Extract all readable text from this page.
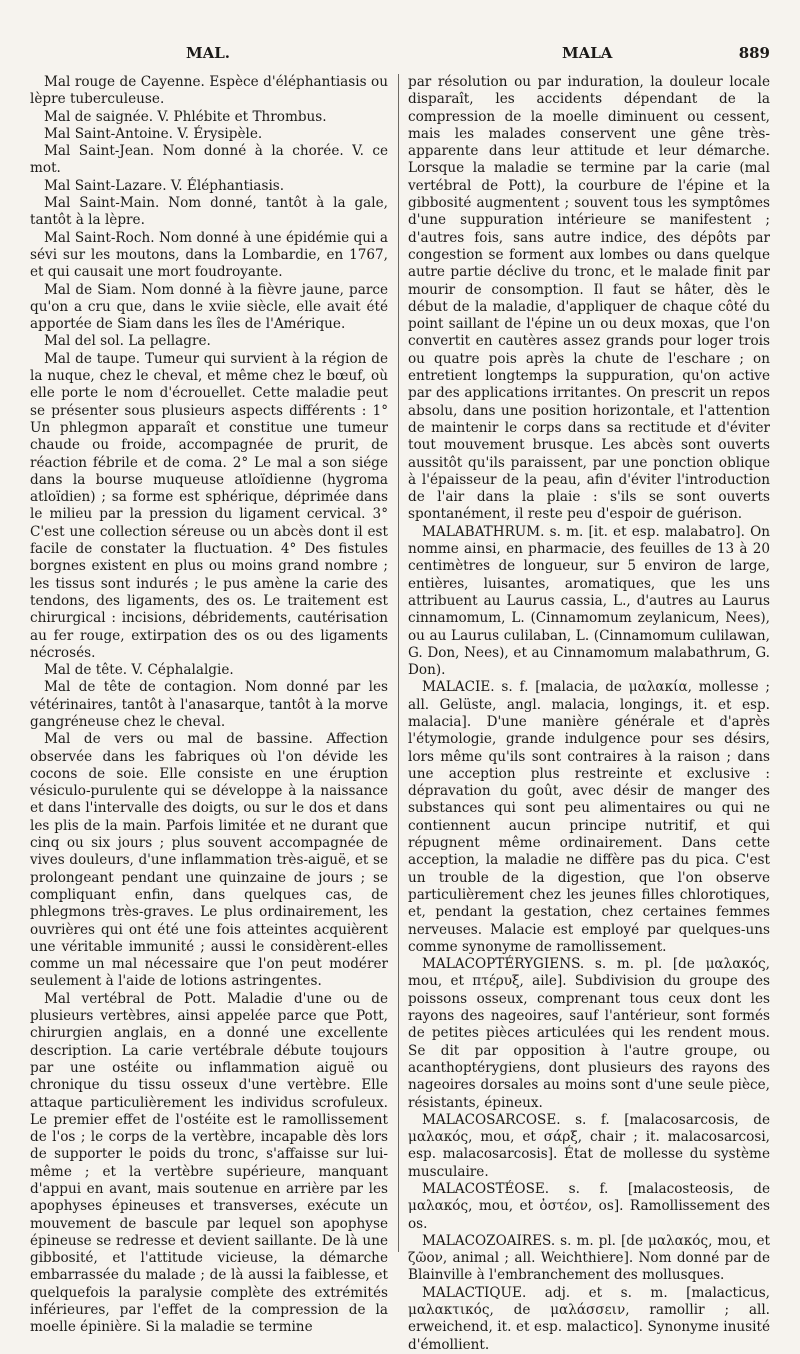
MAL.	MALA	889

Mal rouge de Cayenne. Espèce d'éléphantiasis ou lèpre tuberculeuse.

Mal de saignée. V. Phlébite et Thrombus.

Mal Saint-Antoine. V. Érysipèle.

Mal Saint-Jean. Nom donné à la chorée. V. ce mot.

Mal Saint-Lazare. V. Éléphantiasis.

Mal Saint-Main. Nom donné, tantôt à la gale, tantôt à la lèpre.

Mal Saint-Roch. Nom donné à une épidémie qui a sévi sur les moutons, dans la Lombardie, en 1767, et qui causait une mort foudroyante.

Mal de Siam. Nom donné à la fièvre jaune, parce qu'on a cru que, dans le xviie siècle, elle avait été apportée de Siam dans les îles de l'Amérique.

Mal del sol. La pellagre.

Mal de taupe. Tumeur qui survient à la région de la nuque, chez le cheval, et même chez le bœuf, où elle porte le nom d'écrouellet. Cette maladie peut se présenter sous plusieurs aspects différents : 1° Un phlegmon apparaît et constitue une tumeur chaude ou froide, accompagnée de prurit, de réaction fébrile et de coma. 2° Le mal a son siége dans la bourse muqueuse atloïdienne (hygroma atloïdien) ; sa forme est sphérique, déprimée dans le milieu par la pression du ligament cervical. 3° C'est une collection séreuse ou un abcès dont il est facile de constater la fluctuation. 4° Des fistules borgnes existent en plus ou moins grand nombre ; les tissus sont indurés ; le pus amène la carie des tendons, des ligaments, des os. Le traitement est chirurgical : incisions, débridements, cautérisation au fer rouge, extirpation des os ou des ligaments nécrosés.

Mal de tête. V. Céphalalgie.

Mal de tête de contagion. Nom donné par les vétérinaires, tantôt à l'anasarque, tantôt à la morve gangréneuse chez le cheval.

Mal de vers ou mal de bassine. Affection observée dans les fabriques où l'on dévide les cocons de soie. Elle consiste en une éruption vésiculo-purulente qui se développe à la naissance et dans l'intervalle des doigts, ou sur le dos et dans les plis de la main. Parfois limitée et ne durant que cinq ou six jours ; plus souvent accompagnée de vives douleurs, d'une inflammation très-aiguë, et se prolongeant pendant une quinzaine de jours ; se compliquant enfin, dans quelques cas, de phlegmons très-graves. Le plus ordinairement, les ouvrières qui ont été une fois atteintes acquièrent une véritable immunité ; aussi le considèrent-elles comme un mal nécessaire que l'on peut modérer seulement à l'aide de lotions astringentes.

Mal vertébral de Pott. Maladie d'une ou de plusieurs vertèbres, ainsi appelée parce que Pott, chirurgien anglais, en a donné une excellente description. La carie vertébrale débute toujours par une ostéite ou inflammation aiguë ou chronique du tissu osseux d'une vertèbre. Elle attaque particulièrement les individus scrofuleux. Le premier effet de l'ostéite est le ramollissement de l'os ; le corps de la vertèbre, incapable dès lors de supporter le poids du tronc, s'affaisse sur lui-même ; et la vertèbre supérieure, manquant d'appui en avant, mais soutenue en arrière par les apophyses épineuses et transverses, exécute un mouvement de bascule par lequel son apophyse épineuse se redresse et devient saillante. De là une gibbosité, et l'attitude vicieuse, la démarche embarrassée du malade ; de là aussi la faiblesse, et quelquefois la paralysie complète des extrémités inférieures, par l'effet de la compression de la moelle épinière. Si la maladie se termine

par résolution ou par induration, la douleur locale disparaît, les accidents dépendant de la compression de la moelle diminuent ou cessent, mais les malades conservent une gêne très-apparente dans leur attitude et leur démarche. Lorsque la maladie se termine par la carie (mal vertébral de Pott), la courbure de l'épine et la gibbosité augmentent ; souvent tous les symptômes d'une suppuration intérieure se manifestent ; d'autres fois, sans autre indice, des dépôts par congestion se forment aux lombes ou dans quelque autre partie déclive du tronc, et le malade finit par mourir de consomption. Il faut se hâter, dès le début de la maladie, d'appliquer de chaque côté du point saillant de l'épine un ou deux moxas, que l'on convertit en cautères assez grands pour loger trois ou quatre pois après la chute de l'eschare ; on entretient longtemps la suppuration, qu'on active par des applications irritantes. On prescrit un repos absolu, dans une position horizontale, et l'attention de maintenir le corps dans sa rectitude et d'éviter tout mouvement brusque. Les abcès sont ouverts aussitôt qu'ils paraissent, par une ponction oblique à l'épaisseur de la peau, afin d'éviter l'introduction de l'air dans la plaie : s'ils se sont ouverts spontanément, il reste peu d'espoir de guérison.

MALABATHRUM. s. m. [it. et esp. malabatro]. On nomme ainsi, en pharmacie, des feuilles de 13 à 20 centimètres de longueur, sur 5 environ de large, entières, luisantes, aromatiques, que les uns attribuent au Laurus cassia, L., d'autres au Laurus cinnamomum, L. (Cinnamomum zeylanicum, Nees), ou au Laurus culilaban, L. (Cinnamomum culilawan, G. Don, Nees), et au Cinnamomum malabathrum, G. Don).

MALACIE. s. f. [malacia, de μαλακία, mollesse ; all. Gelüste, angl. malacia, longings, it. et esp. malacia]. D'une manière générale et d'après l'étymologie, grande indulgence pour ses désirs, lors même qu'ils sont contraires à la raison ; dans une acception plus restreinte et exclusive : dépravation du goût, avec désir de manger des substances qui sont peu alimentaires ou qui ne contiennent aucun principe nutritif, et qui répugnent même ordinairement. Dans cette acception, la maladie ne diffère pas du pica. C'est un trouble de la digestion, que l'on observe particulièrement chez les jeunes filles chlorotiques, et, pendant la gestation, chez certaines femmes nerveuses. Malacie est employé par quelques-uns comme synonyme de ramollissement.

MALACOPTÉRYGIENS. s. m. pl. [de μαλακός, mou, et πτέρυξ, aile]. Subdivision du groupe des poissons osseux, comprenant tous ceux dont les rayons des nageoires, sauf l'antérieur, sont formés de petites pièces articulées qui les rendent mous. Se dit par opposition à l'autre groupe, ou acanthoptérygiens, dont plusieurs des rayons des nageoires dorsales au moins sont d'une seule pièce, résistants, épineux.

MALACOSARCOSE. s. f. [malacosarcosis, de μαλακός, mou, et σάρξ, chair ; it. malacosarcosi, esp. malacosarcosis]. État de mollesse du système musculaire.

MALACOSTÉOSE. s. f. [malacosteosis, de μαλακός, mou, et ὀστέον, os]. Ramollissement des os.

MALACOZOAIRES. s. m. pl. [de μαλακός, mou, et ζῶον, animal ; all. Weichthiere]. Nom donné par de Blainville à l'embranchement des mollusques.

MALACTIQUE. adj. et s. m. [malacticus, μαλακτικός, de μαλάσσειν, ramollir ; all. erweichend, it. et esp. malactico]. Synonyme inusité d'émollient.
